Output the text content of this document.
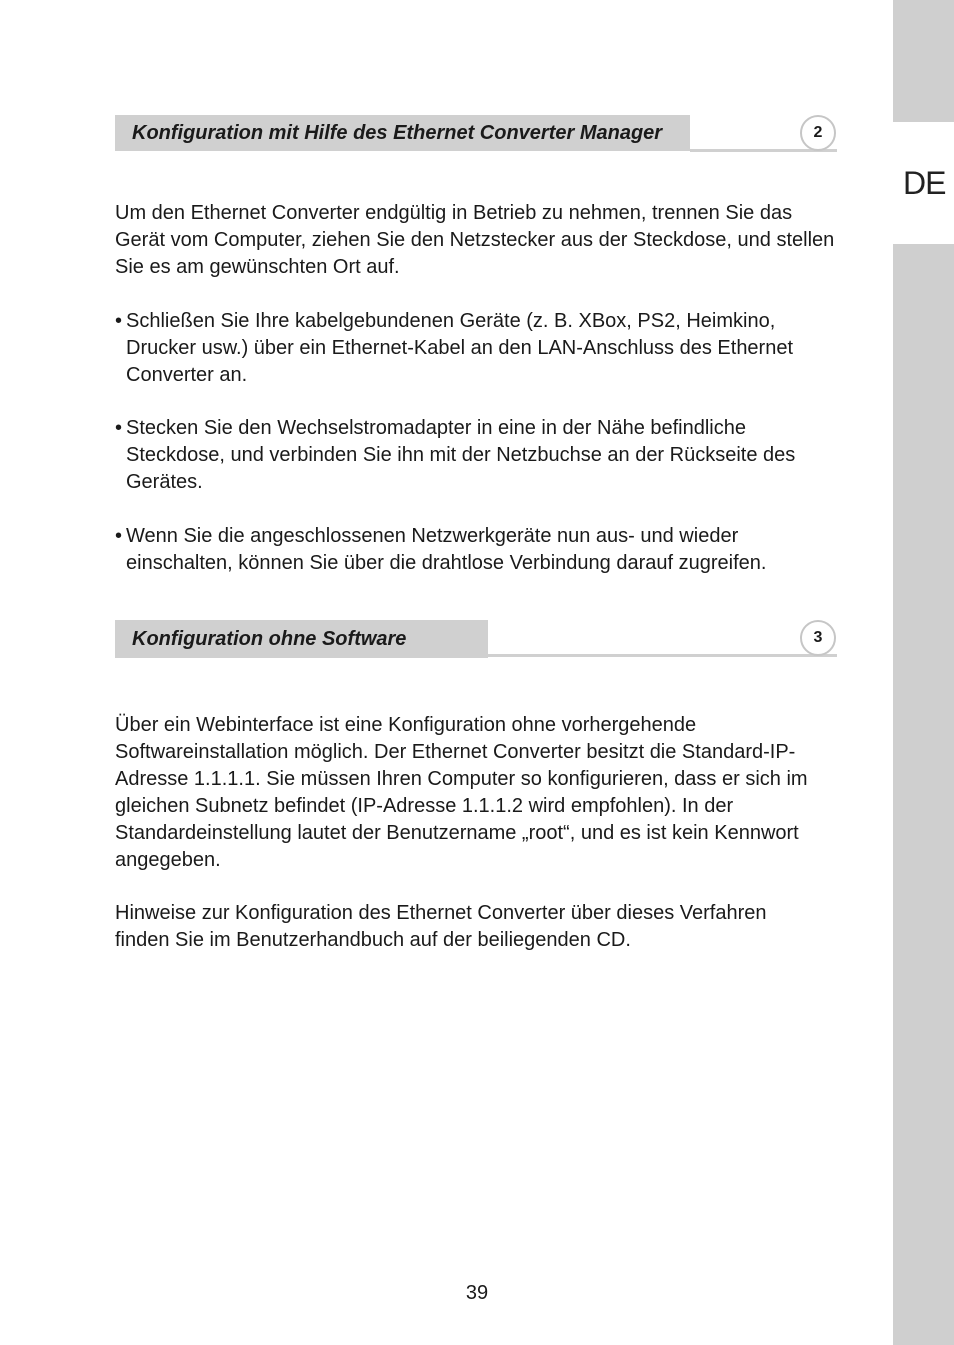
DE
Konfiguration mit Hilfe des Ethernet Converter Manager	2

Um den Ethernet Converter endgültig in Betrieb zu nehmen, trennen Sie das Gerät vom Computer, ziehen Sie den Netzstecker aus der Steckdose, und stellen Sie es am gewünschten Ort auf.

• Schließen Sie Ihre kabelgebundenen Geräte (z. B. XBox, PS2, Heimkino, Drucker usw.) über ein Ethernet-Kabel an den LAN-Anschluss des Ethernet Converter an.
• Stecken Sie den Wechselstromadapter in eine in der Nähe befindliche Steckdose, und verbinden Sie ihn mit der Netzbuchse an der Rückseite des Gerätes.
• Wenn Sie die angeschlossenen Netzwerkgeräte nun aus- und wieder einschalten, können Sie über die drahtlose Verbindung darauf zugreifen.
Konfiguration ohne Software	3

Über ein Webinterface ist eine Konfiguration ohne vorhergehende Softwareinstallation möglich. Der Ethernet Converter besitzt die Standard-IP-Adresse 1.1.1.1. Sie müssen Ihren Computer so konfigurieren, dass er sich im gleichen Subnetz befindet (IP-Adresse 1.1.1.2 wird empfohlen). In der Standardeinstellung lautet der Benutzername „root“, und es ist kein Kennwort angegeben.

Hinweise zur Konfiguration des Ethernet Converter über dieses Verfahren finden Sie im Benutzerhandbuch auf der beiliegenden CD.

39
